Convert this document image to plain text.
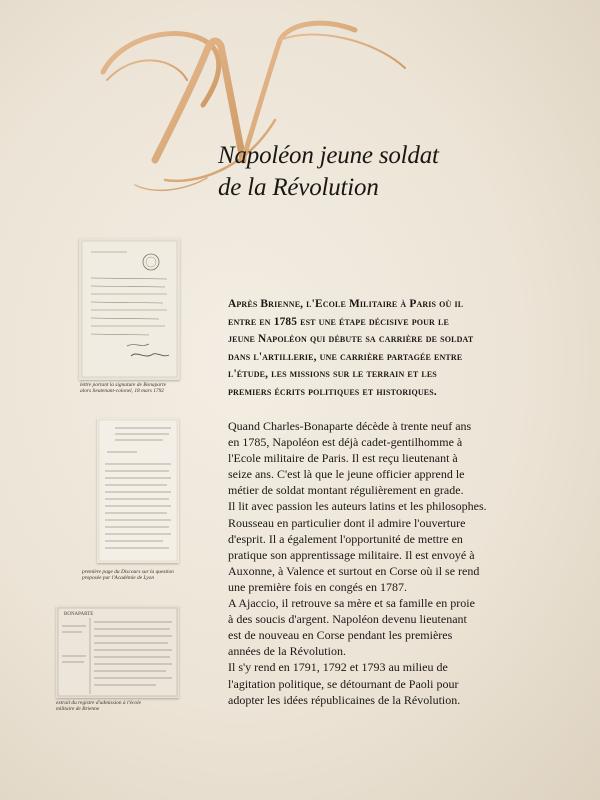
Napoléon jeune soldat
de la Révolution
lettre portant la signature de Bonaparte
alors lieutenant-colonel, 18 mars 1792
première page du Discours sur la question
proposée par l'Académie de Lyon
BONAPARTE
extrait du registre d'admission à l'école
militaire de Brienne
Après Brienne, l'Ecole Militaire à Paris où il
entre en 1785 est une étape décisive pour le
jeune Napoléon qui débute sa carrière de soldat
dans l'artillerie, une carrière partagée entre
l'étude, les missions sur le terrain et les
premiers écrits politiques et historiques.
Quand Charles-Bonaparte décède à trente neuf ans
en 1785, Napoléon est déjà cadet-gentilhomme à
l'Ecole militaire de Paris. Il est reçu lieutenant à
seize ans. C'est là que le jeune officier apprend le
métier de soldat montant régulièrement en grade.
Il lit avec passion les auteurs latins et les philosophes.
Rousseau en particulier dont il admire l'ouverture
d'esprit. Il a également l'opportunité de mettre en
pratique son apprentissage militaire. Il est envoyé à
Auxonne, à Valence et surtout en Corse où il se rend
une première fois en congés en 1787.
A Ajaccio, il retrouve sa mère et sa famille en proie
à des soucis d'argent. Napoléon devenu lieutenant
est de nouveau en Corse pendant les premières
années de la Révolution.
Il s'y rend en 1791, 1792 et 1793 au milieu de
l'agitation politique, se détournant de Paoli pour
adopter les idées républicaines de la Révolution.
